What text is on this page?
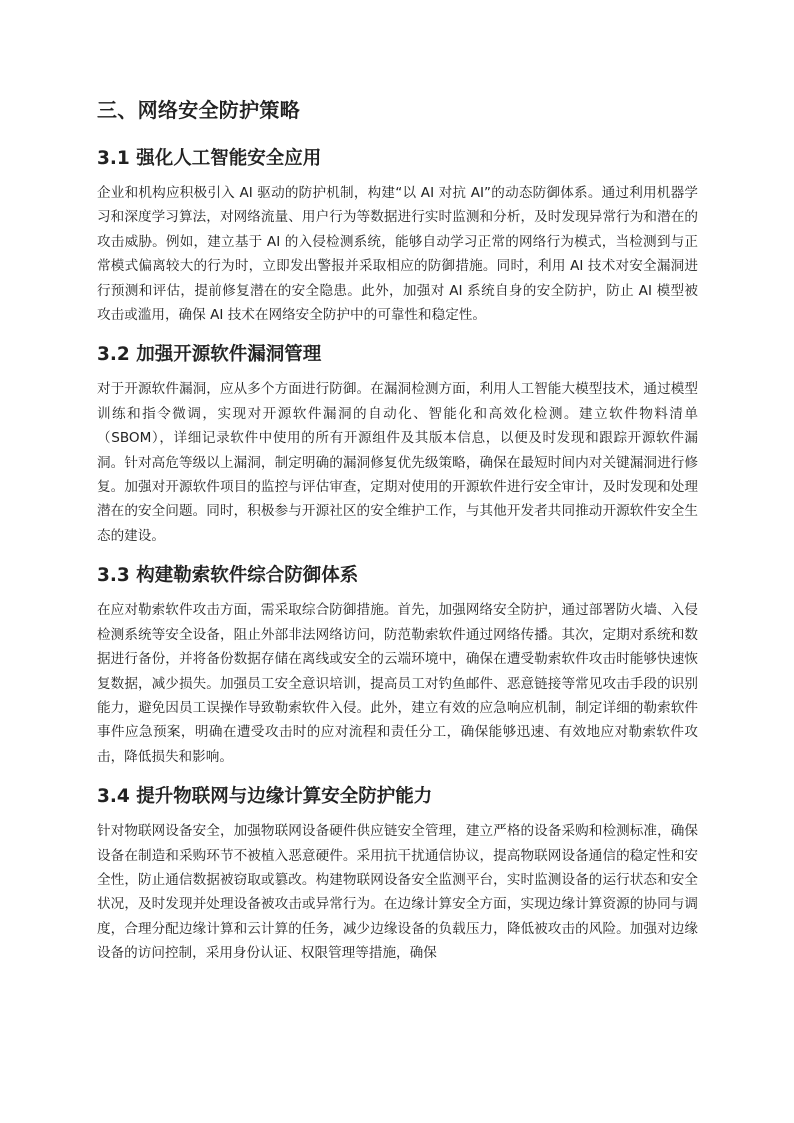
三、网络安全防护策略
3.1 强化人工智能安全应用

企业和机构应积极引入 AI 驱动的防护机制，构建“以 AI 对抗 AI”的动态防御体系。通过利用机器学习和深度学习算法，对网络流量、用户行为等数据进行实时监测和分析，及时发现异常行为和潜在的攻击威胁。例如，建立基于 AI 的入侵检测系统，能够自动学习正常的网络行为模式，当检测到与正常模式偏离较大的行为时，立即发出警报并采取相应的防御措施。同时，利用 AI 技术对安全漏洞进行预测和评估，提前修复潜在的安全隐患。此外，加强对 AI 系统自身的安全防护，防止 AI 模型被攻击或滥用，确保 AI 技术在网络安全防护中的可靠性和稳定性。

3.2 加强开源软件漏洞管理

对于开源软件漏洞，应从多个方面进行防御。在漏洞检测方面，利用人工智能大模型技术，通过模型训练和指令微调，实现对开源软件漏洞的自动化、智能化和高效化检测。建立软件物料清单（SBOM），详细记录软件中使用的所有开源组件及其版本信息，以便及时发现和跟踪开源软件漏洞。针对高危等级以上漏洞，制定明确的漏洞修复优先级策略，确保在最短时间内对关键漏洞进行修复。加强对开源软件项目的监控与评估审查，定期对使用的开源软件进行安全审计，及时发现和处理潜在的安全问题。同时，积极参与开源社区的安全维护工作，与其他开发者共同推动开源软件安全生态的建设。

3.3 构建勒索软件综合防御体系

在应对勒索软件攻击方面，需采取综合防御措施。首先，加强网络安全防护，通过部署防火墙、入侵检测系统等安全设备，阻止外部非法网络访问，防范勒索软件通过网络传播。其次，定期对系统和数据进行备份，并将备份数据存储在离线或安全的云端环境中，确保在遭受勒索软件攻击时能够快速恢复数据，减少损失。加强员工安全意识培训，提高员工对钓鱼邮件、恶意链接等常见攻击手段的识别能力，避免因员工误操作导致勒索软件入侵。此外，建立有效的应急响应机制，制定详细的勒索软件事件应急预案，明确在遭受攻击时的应对流程和责任分工，确保能够迅速、有效地应对勒索软件攻击，降低损失和影响。

3.4 提升物联网与边缘计算安全防护能力

针对物联网设备安全，加强物联网设备硬件供应链安全管理，建立严格的设备采购和检测标准，确保设备在制造和采购环节不被植入恶意硬件。采用抗干扰通信协议，提高物联网设备通信的稳定性和安全性，防止通信数据被窃取或篡改。构建物联网设备安全监测平台，实时监测设备的运行状态和安全状况，及时发现并处理设备被攻击或异常行为。在边缘计算安全方面，实现边缘计算资源的协同与调度，合理分配边缘计算和云计算的任务，减少边缘设备的负载压力，降低被攻击的风险。加强对边缘设备的访问控制，采用身份认证、权限管理等措施，确保
